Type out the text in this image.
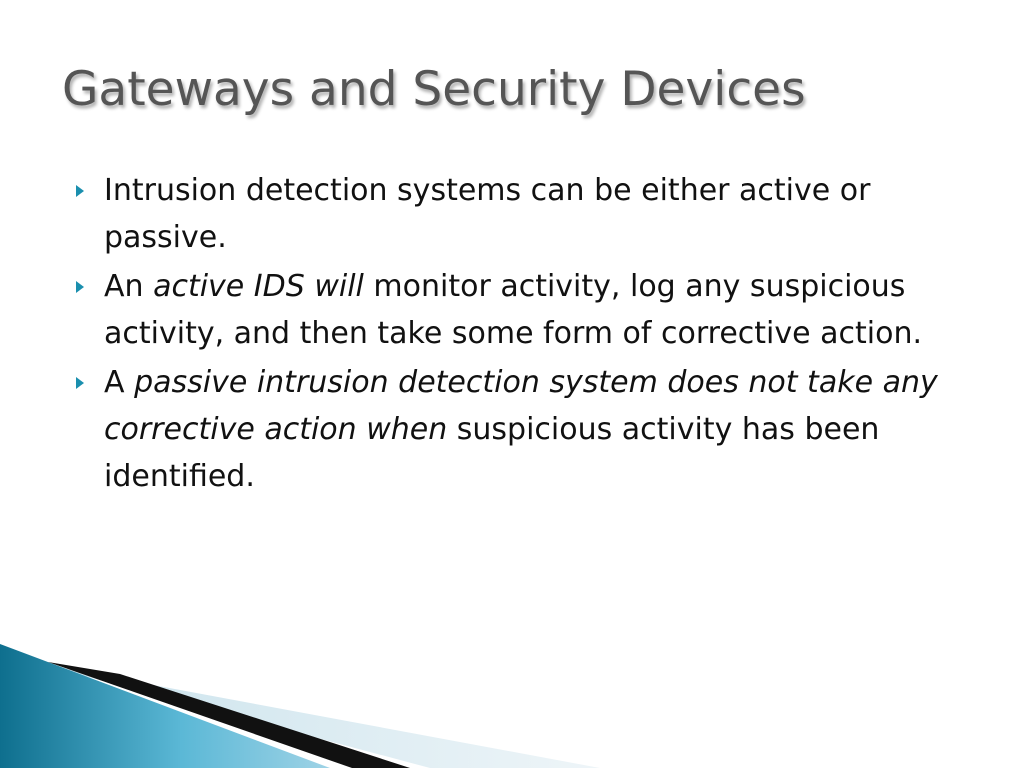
Gateways and Security Devices
Intrusion detection systems can be either active or passive.
An active IDS will monitor activity, log any suspicious activity, and then take some form of corrective action.
A passive intrusion detection system does not take any corrective action when suspicious activity has been identified.
